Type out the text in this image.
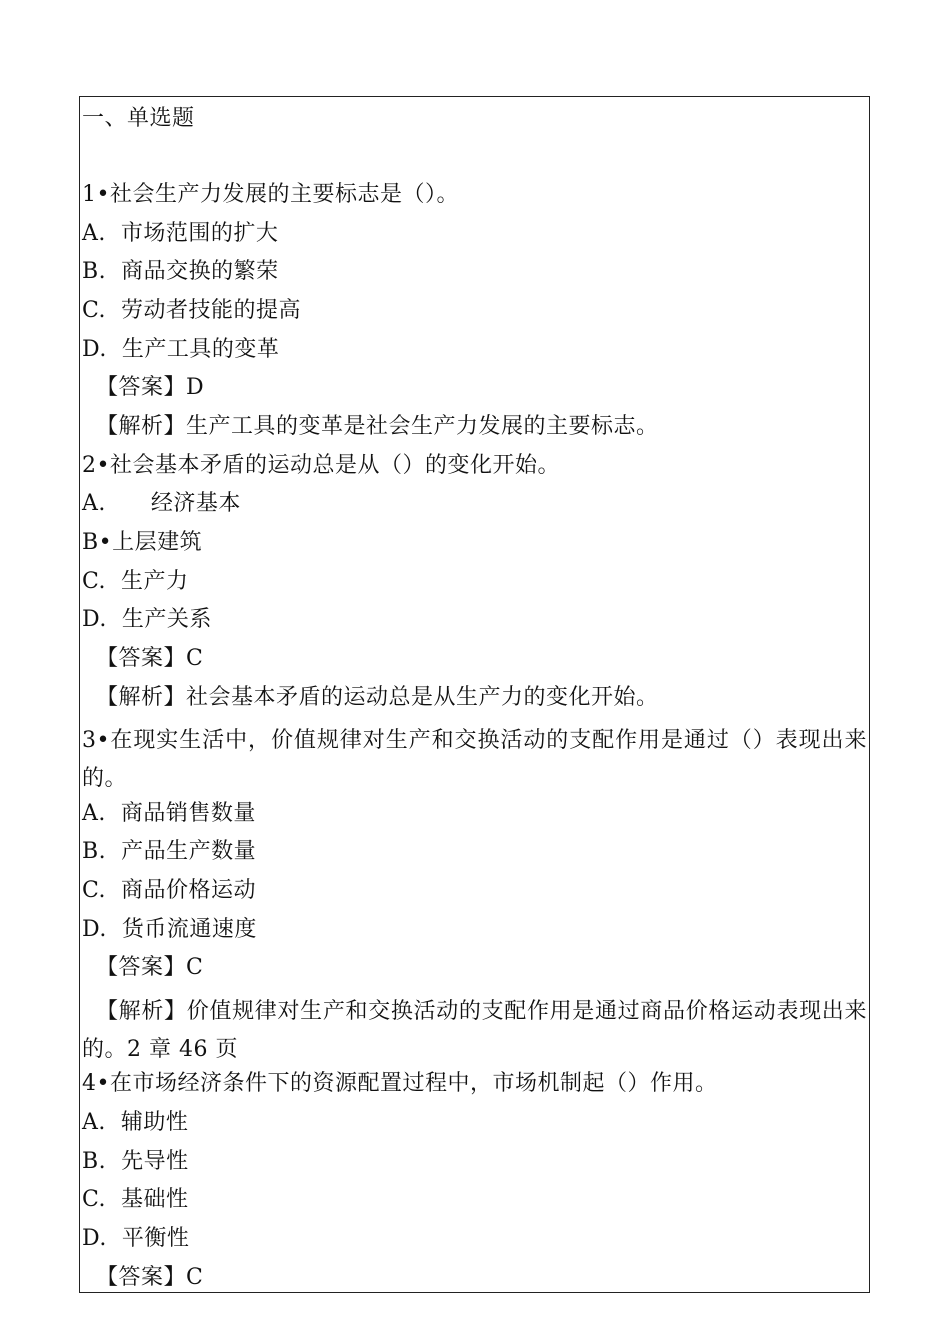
一、单选题
1•社会生产力发展的主要标志是（）。
A.  市场范围的扩大
B.  商品交换的繁荣
C.  劳动者技能的提高
D.  生产工具的变革
【答案】D
【解析】生产工具的变革是社会生产力发展的主要标志。
2•社会基本矛盾的运动总是从（）的变化开始。
A.      经济基本
B•上层建筑
C.  生产力
D.  生产关系
【答案】C
【解析】社会基本矛盾的运动总是从生产力的变化开始。
3•在现实生活中，价值规律对生产和交换活动的支配作用是通过（）表现出来的。
A.  商品销售数量
B.  产品生产数量
C.  商品价格运动
D.  货币流通速度
【答案】C
【解析】价值规律对生产和交换活动的支配作用是通过商品价格运动表现出来的。2 章 46 页
4•在市场经济条件下的资源配置过程中，市场机制起（）作用。
A.  辅助性
B.  先导性
C.  基础性
D.  平衡性
【答案】C
